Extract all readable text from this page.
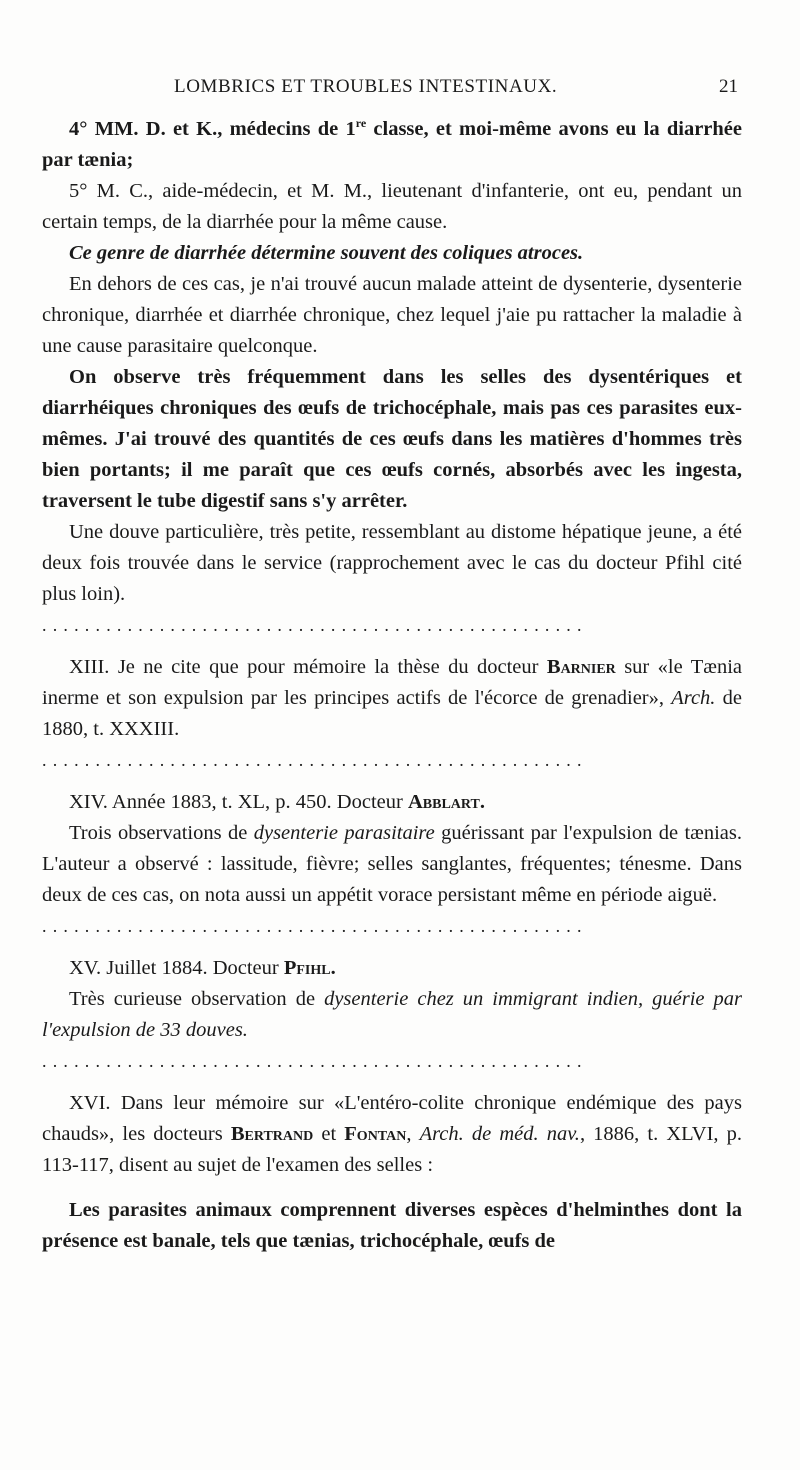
LOMBRICS ET TROUBLES INTESTINAUX.	21

4° MM. D. et K., médecins de 1re classe, et moi-même avons eu la diarrhée par tænia;

5° M. C., aide-médecin, et M. M., lieutenant d'infanterie, ont eu, pendant un certain temps, de la diarrhée pour la même cause.

Ce genre de diarrhée détermine souvent des coliques atroces.

En dehors de ces cas, je n'ai trouvé aucun malade atteint de dysenterie, dysenterie chronique, diarrhée et diarrhée chronique, chez lequel j'aie pu rattacher la maladie à une cause parasitaire quelconque.

On observe très fréquemment dans les selles des dysentériques et diarrhéiques chroniques des œufs de trichocéphale, mais pas ces parasites eux-mêmes. J'ai trouvé des quantités de ces œufs dans les matières d'hommes très bien portants; il me paraît que ces œufs cornés, absorbés avec les ingesta, traversent le tube digestif sans s'y arrêter.

Une douve particulière, très petite, ressemblant au distome hépatique jeune, a été deux fois trouvée dans le service (rapprochement avec le cas du docteur Pfihl cité plus loin).

...................................................

XIII. Je ne cite que pour mémoire la thèse du docteur Barnier sur «le Tænia inerme et son expulsion par les principes actifs de l'écorce de grenadier», Arch. de 1880, t. XXXIII.

...................................................

XIV. Année 1883, t. XL, p. 450. Docteur Abblart.

Trois observations de dysenterie parasitaire guérissant par l'expulsion de tænias. L'auteur a observé : lassitude, fièvre; selles sanglantes, fréquentes; ténesme. Dans deux de ces cas, on nota aussi un appétit vorace persistant même en période aiguë.

...................................................

XV. Juillet 1884. Docteur Pfihl.

Très curieuse observation de dysenterie chez un immigrant indien, guérie par l'expulsion de 33 douves.

...................................................

XVI. Dans leur mémoire sur «L'entéro-colite chronique endémique des pays chauds», les docteurs Bertrand et Fontan, Arch. de méd. nav., 1886, t. XLVI, p. 113-117, disent au sujet de l'examen des selles :

Les parasites animaux comprennent diverses espèces d'helminthes dont la présence est banale, tels que tænias, trichocéphale, œufs de
